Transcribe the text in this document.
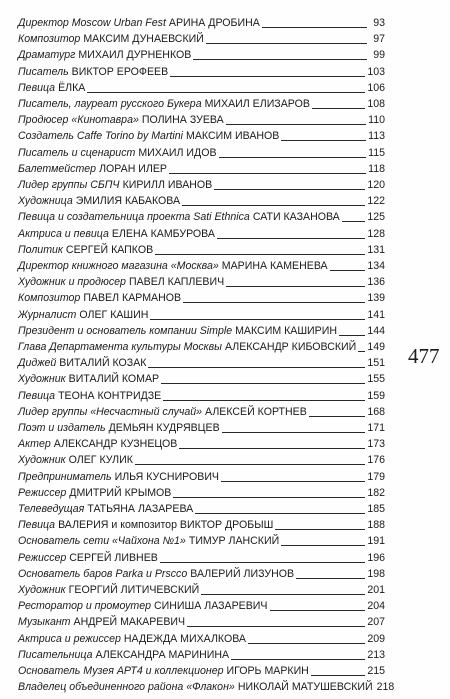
Директор Moscow Urban Fest АРИНА ДРОБИНА	93
Композитор МАКСИМ ДУНАЕВСКИЙ	97
Драматург МИХАИЛ ДУРНЕНКОВ	99
Писатель ВИКТОР ЕРОФЕЕВ	103
Певица ЁЛКА	106
Писатель, лауреат русского Букера МИХАИЛ ЕЛИЗАРОВ	108
Продюсер «Кинотавра» ПОЛИНА ЗУЕВА	110
Создатель Caffe Torino by Martini МАКСИМ ИВАНОВ	113
Писатель и сценарист МИХАИЛ ИДОВ	115
Балетмейстер ЛОРАН ИЛЕР	118
Лидер группы СБПЧ КИРИЛЛ ИВАНОВ	120
Художница ЭМИЛИЯ КАБАКОВА	122
Певица и создательница проекта Sati Ethnica САТИ КАЗАНОВА	125
Актриса и певица ЕЛЕНА КАМБУРОВА	128
Политик СЕРГЕЙ КАПКОВ	131
Директор книжного магазина «Москва» МАРИНА КАМЕНЕВА	134
Художник и продюсер ПАВЕЛ КАПЛЕВИЧ	136
Композитор ПАВЕЛ КАРМАНОВ	139
Журналист ОЛЕГ КАШИН	141
Президент и основатель компании Simple МАКСИМ КАШИРИН	144
Глава Департамента культуры Москвы АЛЕКСАНДР КИБОВСКИЙ 149
Диджей ВИТАЛИЙ КОЗАК	151
Художник ВИТАЛИЙ КОМАР	155
Певица ТЕОНА КОНТРИДЗЕ	159
Лидер группы «Несчастный случай» АЛЕКСЕЙ КОРТНЕВ	168
Поэт и издатель ДЕМЬЯН КУДРЯВЦЕВ	171
Актер АЛЕКСАНДР КУЗНЕЦОВ	173
Художник ОЛЕГ КУЛИК	176
Предприниматель ИЛЬЯ КУСНИРОВИЧ	179
Режиссер ДМИТРИЙ КРЫМОВ	182
Телеведущая ТАТЬЯНА ЛАЗАРЕВА	185
Певица ВАЛЕРИЯ и композитор ВИКТОР ДРОБЫШ	188
Основатель сети «Чайхона №1» ТИМУР ЛАНСКИЙ	191
Режиссер СЕРГЕЙ ЛИВНЕВ	196
Основатель баров Parka и Prscco ВАЛЕРИЙ ЛИЗУНОВ	198
Художник ГЕОРГИЙ ЛИТИЧЕВСКИЙ	201
Ресторатор и промоутер СИНИША ЛАЗАРЕВИЧ	204
Музыкант АНДРЕЙ МАКАРЕВИЧ	207
Актриса и режиссер НАДЕЖДА МИХАЛКОВА	209
Писательница АЛЕКСАНДРА МАРИНИНА	213
Основатель Музея АРТ4 и коллекционер ИГОРЬ МАРКИН	215
Владелец объединенного района «Флакон» НИКОЛАЙ МАТУШЕВСКИЙ 218
477
